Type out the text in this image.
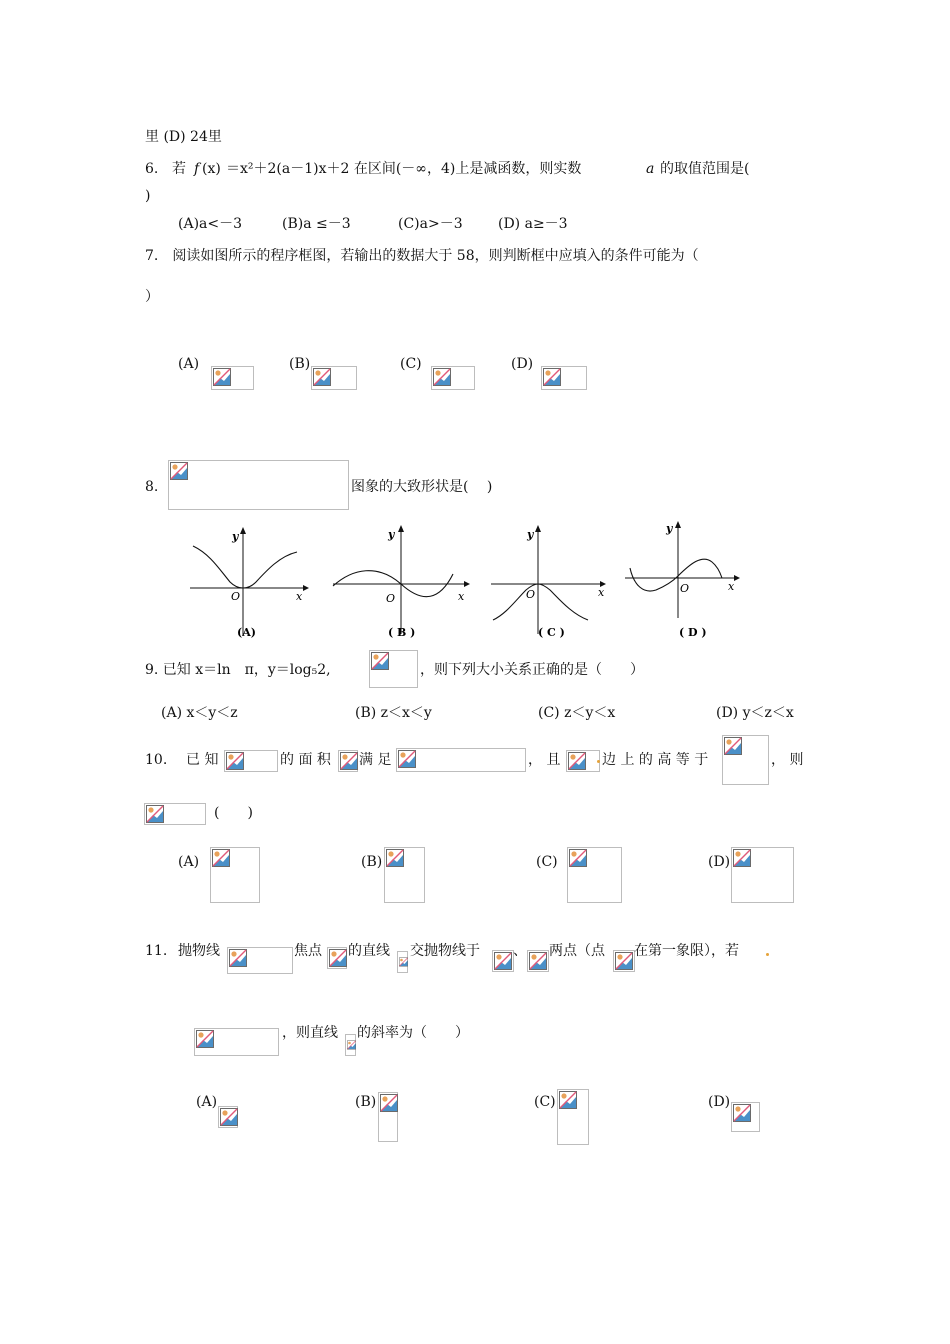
里 (D) 24里
6. 若 f (x) ＝x²＋2(a－1)x＋2 在区间(－∞，4)上是减函数，则实数	a 的取值范围是(
)
(A)a<－3	(B)a ≤－3	(C)a>－3	(D) a≥－3
7.　阅读如图所示的程序框图，若输出的数据大于 58，则判断框中应填入的条件可能为（
）
(A)	(B)	(C)	(D)
8.	图象的大致形状是(　 )
y
x
O
(A)
y
x
O
( B )
y
x
O
( C )
y
x
O
( D )
9. 已知 x＝ln　π，y＝log₅2,	，则下列大小关系正确的是（　　）
(A) x＜y＜z	(B) z＜x＜y	(C) z＜y＜x	(D) y＜z＜x
10. 已 知	的 面 积 满 足	， 且	边 上 的 高 等 于	， 则
(　　)
(A)	(B)	(C)	(D)
11. 抛物线	焦点 的直线 交抛物线于 、 两点（点 在第一象限），若
，则直线 的斜率为（　　）
(A)	(B)	(C)	(D)
